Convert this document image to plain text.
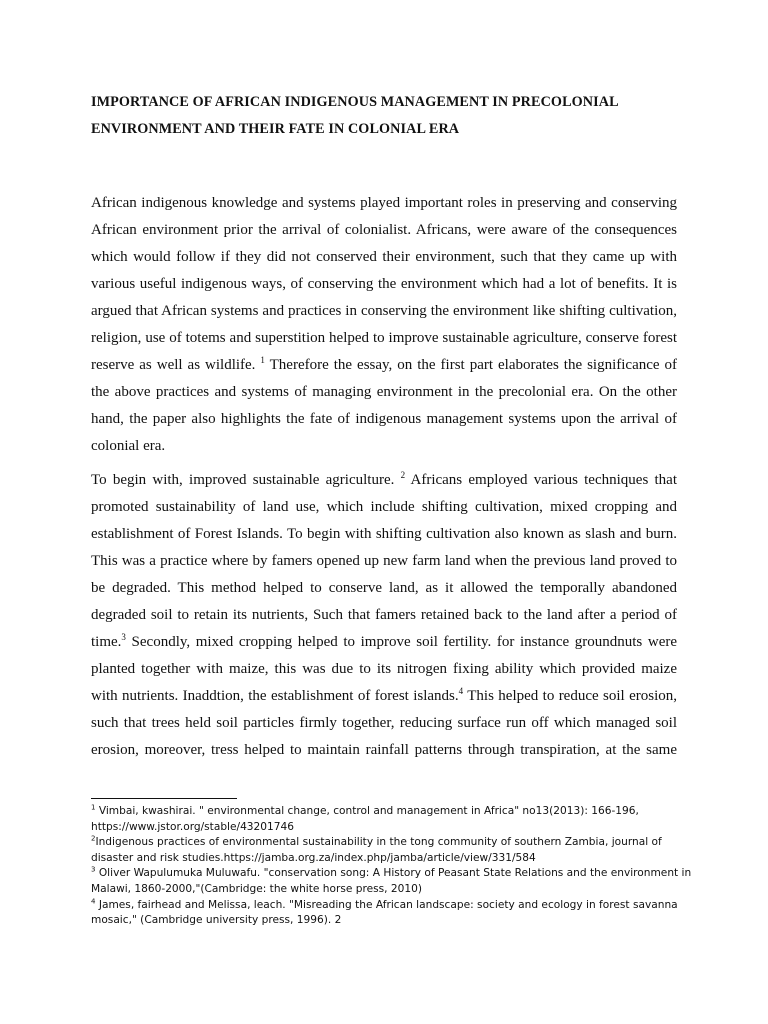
IMPORTANCE OF AFRICAN INDIGENOUS MANAGEMENT IN PRECOLONIAL
ENVIRONMENT AND THEIR FATE IN COLONIAL ERA
African indigenous knowledge and systems played important roles in preserving and conserving
African environment prior the arrival of colonialist. Africans, were aware of the consequences
which would follow if they did not conserved their environment, such that they came up with
various useful indigenous ways, of conserving the environment which had a lot of benefits. It is
argued that African systems and practices in conserving the environment like shifting cultivation,
religion, use of totems and superstition helped to improve sustainable agriculture, conserve forest
reserve as well as wildlife. $^1$ Therefore the essay, on the first part elaborates the significance of
the above practices and systems of managing environment in the precolonial era. On the other
hand, the paper also highlights the fate of indigenous management systems upon the arrival of
colonial era.
To begin with, improved sustainable agriculture. $^2$ Africans employed various techniques that
promoted sustainability of land use, which include shifting cultivation, mixed cropping and
establishment of Forest Islands. To begin with shifting cultivation also known as slash and burn.
This was a practice where by famers opened up new farm land when the previous land proved to
be degraded. This method helped to conserve land, as it allowed the temporally abandoned
degraded soil to retain its nutrients, Such that famers retained back to the land after a period of
time.$^3$ Secondly, mixed cropping helped to improve soil fertility. for instance groundnuts were
planted together with maize, this was due to its nitrogen fixing ability which provided maize
with nutrients. Inaddtion, the establishment of forest islands.$^4$ This helped to reduce soil erosion,
such that trees held soil particles firmly together, reducing surface run off which managed soil
erosion, moreover, tress helped to maintain rainfall patterns through transpiration, at the same
$^1$ Vimbai, kwashirai. " environmental change, control and management in Africa" no13(2013): 166-196,
https://www.jstor.org/stable/43201746
$^2$Indigenous practices of environmental sustainability in the tong community of southern Zambia, journal of
disaster and risk studies.https://jamba.org.za/index.php/jamba/article/view/331/584
$^3$ Oliver Wapulumuka Muluwafu. "conservation song: A History of Peasant State Relations and the environment in
Malawi, 1860-2000,"(Cambridge: the white horse press, 2010)
$^4$ James, fairhead and Melissa, leach. "Misreading the African landscape: society and ecology in forest savanna
mosaic," (Cambridge university press, 1996). 2
